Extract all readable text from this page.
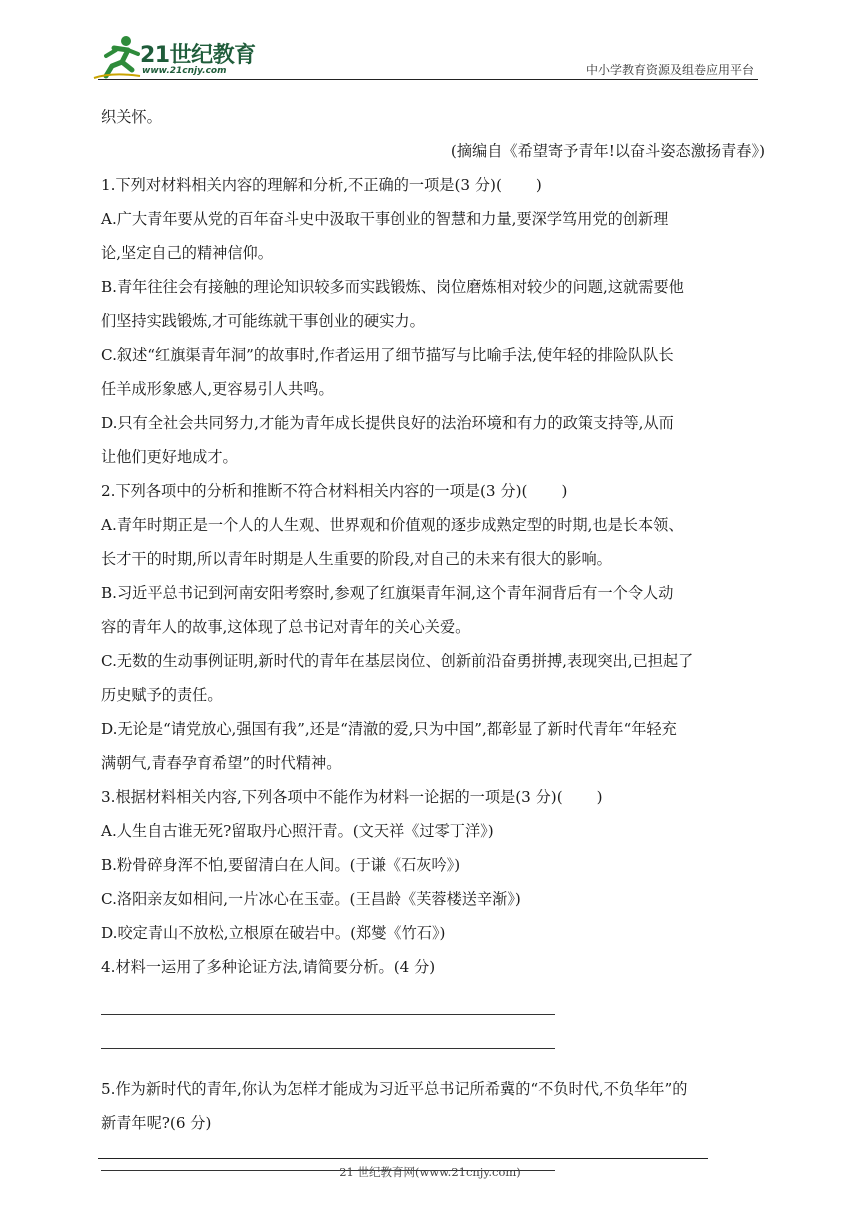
21世纪教育
www.21cnjy.com	中小学教育资源及组卷应用平台
织关怀。
(摘编自《希望寄予青年!以奋斗姿态激扬青春》)
1.下列对材料相关内容的理解和分析,不正确的一项是(3 分)( )
A.广大青年要从党的百年奋斗史中汲取干事创业的智慧和力量,要深学笃用党的创新理
论,坚定自己的精神信仰。
B.青年往往会有接触的理论知识较多而实践锻炼、岗位磨炼相对较少的问题,这就需要他
们坚持实践锻炼,才可能练就干事创业的硬实力。
C.叙述“红旗渠青年洞”的故事时,作者运用了细节描写与比喻手法,使年轻的排险队队长
任羊成形象感人,更容易引人共鸣。
D.只有全社会共同努力,才能为青年成长提供良好的法治环境和有力的政策支持等,从而
让他们更好地成才。
2.下列各项中的分析和推断不符合材料相关内容的一项是(3 分)( )
A.青年时期正是一个人的人生观、世界观和价值观的逐步成熟定型的时期,也是长本领、
长才干的时期,所以青年时期是人生重要的阶段,对自己的未来有很大的影响。
B.习近平总书记到河南安阳考察时,参观了红旗渠青年洞,这个青年洞背后有一个令人动
容的青年人的故事,这体现了总书记对青年的关心关爱。
C.无数的生动事例证明,新时代的青年在基层岗位、创新前沿奋勇拼搏,表现突出,已担起了
历史赋予的责任。
D.无论是“请党放心,强国有我”,还是“清澈的爱,只为中国”,都彰显了新时代青年“年轻充
满朝气,青春孕育希望”的时代精神。
3.根据材料相关内容,下列各项中不能作为材料一论据的一项是(3 分)( )
A.人生自古谁无死?留取丹心照汗青。(文天祥《过零丁洋》)
B.粉骨碎身浑不怕,要留清白在人间。(于谦《石灰吟》)
C.洛阳亲友如相问,一片冰心在玉壶。(王昌龄《芙蓉楼送辛渐》)
D.咬定青山不放松,立根原在破岩中。(郑燮《竹石》)
4.材料一运用了多种论证方法,请简要分析。(4 分)
5.作为新时代的青年,你认为怎样才能成为习近平总书记所希冀的“不负时代,不负华年”的
新青年呢?(6 分)
21 世纪教育网(www.21cnjy.com)
